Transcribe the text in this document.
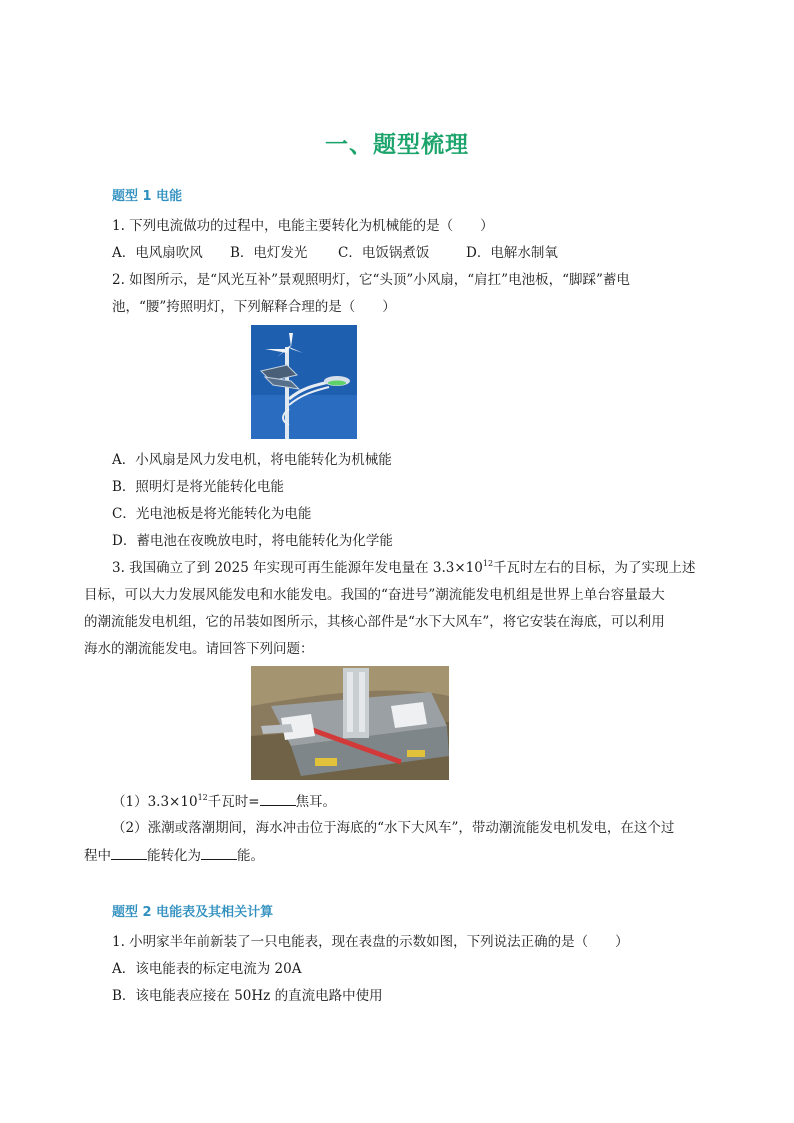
一、题型梳理
题型 1 电能
1. 下列电流做功的过程中，电能主要转化为机械能的是（　　）
A．电风扇吹风 B．电灯发光 C．电饭锅煮饭	D．电解水制氧
2. 如图所示，是“风光互补”景观照明灯，它“头顶”小风扇，“肩扛”电池板，“脚踩”蓄电
池，“腰”挎照明灯，下列解释合理的是（　　）
A．小风扇是风力发电机，将电能转化为机械能
B．照明灯是将光能转化电能
C．光电池板是将光能转化为电能
D．蓄电池在夜晚放电时，将电能转化为化学能
3. 我国确立了到 2025 年实现可再生能源年发电量在 $3.3\times 10^{12}$千瓦时左右的目标，为了实现上述
目标，可以大力发展风能发电和水能发电。我国的“奋进号”潮流能发电机组是世界上单台容量最大
的潮流能发电机组，它的吊装如图所示，其核心部件是“水下大风车”，将它安装在海底，可以利用
海水的潮流能发电。请回答下列问题：
$(1)3.3\times 10^{12}$千瓦时=	焦耳。
（2）涨潮或落潮期间，海水冲击位于海底的“水下大风车”，带动潮流能发电机发电，在这个过
程中	能转化为	能。
题型 2 电能表及其相关计算
1. 小明家半年前新装了一只电能表，现在表盘的示数如图，下列说法正确的是（　　）
A．该电能表的标定电流为 20A
B．该电能表应接在 50Hz 的直流电路中使用
